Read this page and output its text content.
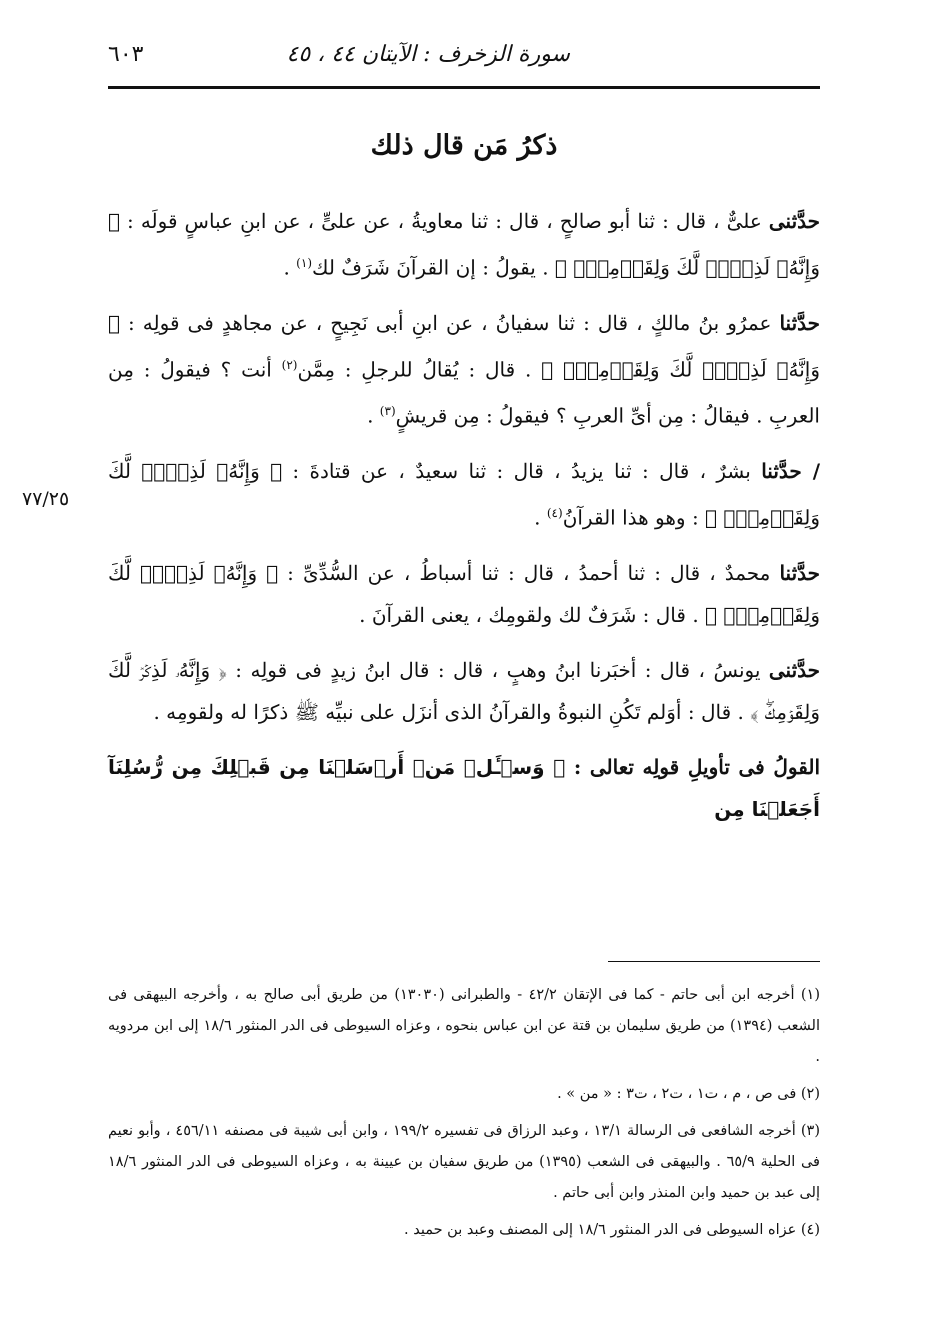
سورة الزخرف : الآيتان ٤٤ ، ٤٥
٦٠٣
ذكرُ مَن قال ذلك
٧٧/٢٥

حدَّثنى علىٌّ ، قال : ثنا أبو صالحٍ ، قال : ثنا معاويةُ ، عن علىٍّ ، عن ابنِ عباسٍ قولَه : ﴿ وَإِنَّهُۥ لَذِكۡرٞ لَّكَ وَلِقَوۡمِكَۖ ﴾ . يقولُ : إن القرآنَ شَرَفٌ لك$^{(١)}$ .

حدَّثنا عمرُو بنُ مالكٍ ، قال : ثنا سفيانُ ، عن ابنِ أبى نَجِيحٍ ، عن مجاهدٍ فى قولِه : ﴿ وَإِنَّهُۥ لَذِكۡرٞ لَّكَ وَلِقَوۡمِكَۖ ﴾ . قال : يُقالُ للرجلِ : مِمَّن$^{(٢)}$ أنت ؟ فيقولُ : مِن العربِ . فيقالُ : مِن أىِّ العربِ ؟ فيقولُ : مِن قريشٍ$^{(٣)}$ .

/ حدَّثنا بشرٌ ، قال : ثنا يزيدُ ، قال : ثنا سعيدٌ ، عن قتادةَ : ﴿ وَإِنَّهُۥ لَذِكۡرٞ لَّكَ وَلِقَوۡمِكَۖ ﴾ : وهو هذا القرآنُ$^{(٤)}$ .

حدَّثنا محمدٌ ، قال : ثنا أحمدُ ، قال : ثنا أسباطُ ، عن السُّدِّىِّ : ﴿ وَإِنَّهُۥ لَذِكۡرٞ لَّكَ وَلِقَوۡمِكَۖ ﴾ . قال : شَرَفٌ لك ولقومِك ، يعنى القرآنَ .

حدَّثنى يونسُ ، قال : أخبَرنا ابنُ وهبٍ ، قال : قال ابنُ زيدٍ فى قولِه : ﴿ وَإِنَّهُۥ لَذِكۡرٞ لَّكَ وَلِقَوۡمِكَۖ ﴾ . قال : أوَلم تَكُنِ النبوةُ والقرآنُ الذى أنزَل على نبيِّه ﷺ ذكرًا له ولقومِه .

القولُ فى تأويلِ قولِه تعالى : ﴿ وَسۡـَٔلۡ مَنۡ أَرۡسَلۡنَا مِن قَبۡلِكَ مِن رُّسُلِنَآ أَجَعَلۡنَا مِن

(١) أخرجه ابن أبى حاتم - كما فى الإتقان ٤٢/٢ - والطبرانى (١٣٠٣٠) من طريق أبى صالح به ، وأخرجه البيهقى فى الشعب (١٣٩٤) من طريق سليمان بن قتة عن ابن عباس بنحوه ، وعزاه السيوطى فى الدر المنثور ١٨/٦ إلى ابن مردويه .

(٢) فى ص ، م ، ت١ ، ت٢ ، ت٣ : « من » .

(٣) أخرجه الشافعى فى الرسالة ١٣/١ ، وعبد الرزاق فى تفسيره ١٩٩/٢ ، وابن أبى شيبة فى مصنفه ٤٥٦/١١ ، وأبو نعيم فى الحلية ٦٥/٩ . والبيهقى فى الشعب (١٣٩٥) من طريق سفيان بن عيينة به ، وعزاه السيوطى فى الدر المنثور ١٨/٦ إلى عبد بن حميد وابن المنذر وابن أبى حاتم .

(٤) عزاه السيوطى فى الدر المنثور ١٨/٦ إلى المصنف وعبد بن حميد .
